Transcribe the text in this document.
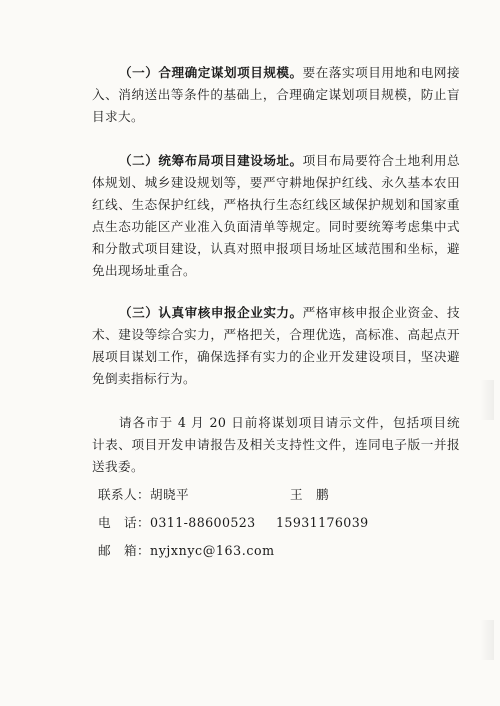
（一）合理确定谋划项目规模。要在落实项目用地和电网接入、消纳送出等条件的基础上，合理确定谋划项目规模，防止盲目求大。

（二）统筹布局项目建设场址。项目布局要符合土地利用总体规划、城乡建设规划等，要严守耕地保护红线、永久基本农田红线、生态保护红线，严格执行生态红线区域保护规划和国家重点生态功能区产业准入负面清单等规定。同时要统筹考虑集中式和分散式项目建设，认真对照申报项目场址区域范围和坐标，避免出现场址重合。

（三）认真审核申报企业实力。严格审核申报企业资金、技术、建设等综合实力，严格把关，合理优选，高标准、高起点开展项目谋划工作，确保选择有实力的企业开发建设项目，坚决避免倒卖指标行为。

请各市于 4 月 20 日前将谋划项目请示文件，包括项目统计表、项目开发申请报告及相关支持性文件，连同电子版一并报送我委。

联系人：胡晓平	王　鹏
电　话：0311-88600523 15931176039
邮　箱：nyjxnyc@163.com
